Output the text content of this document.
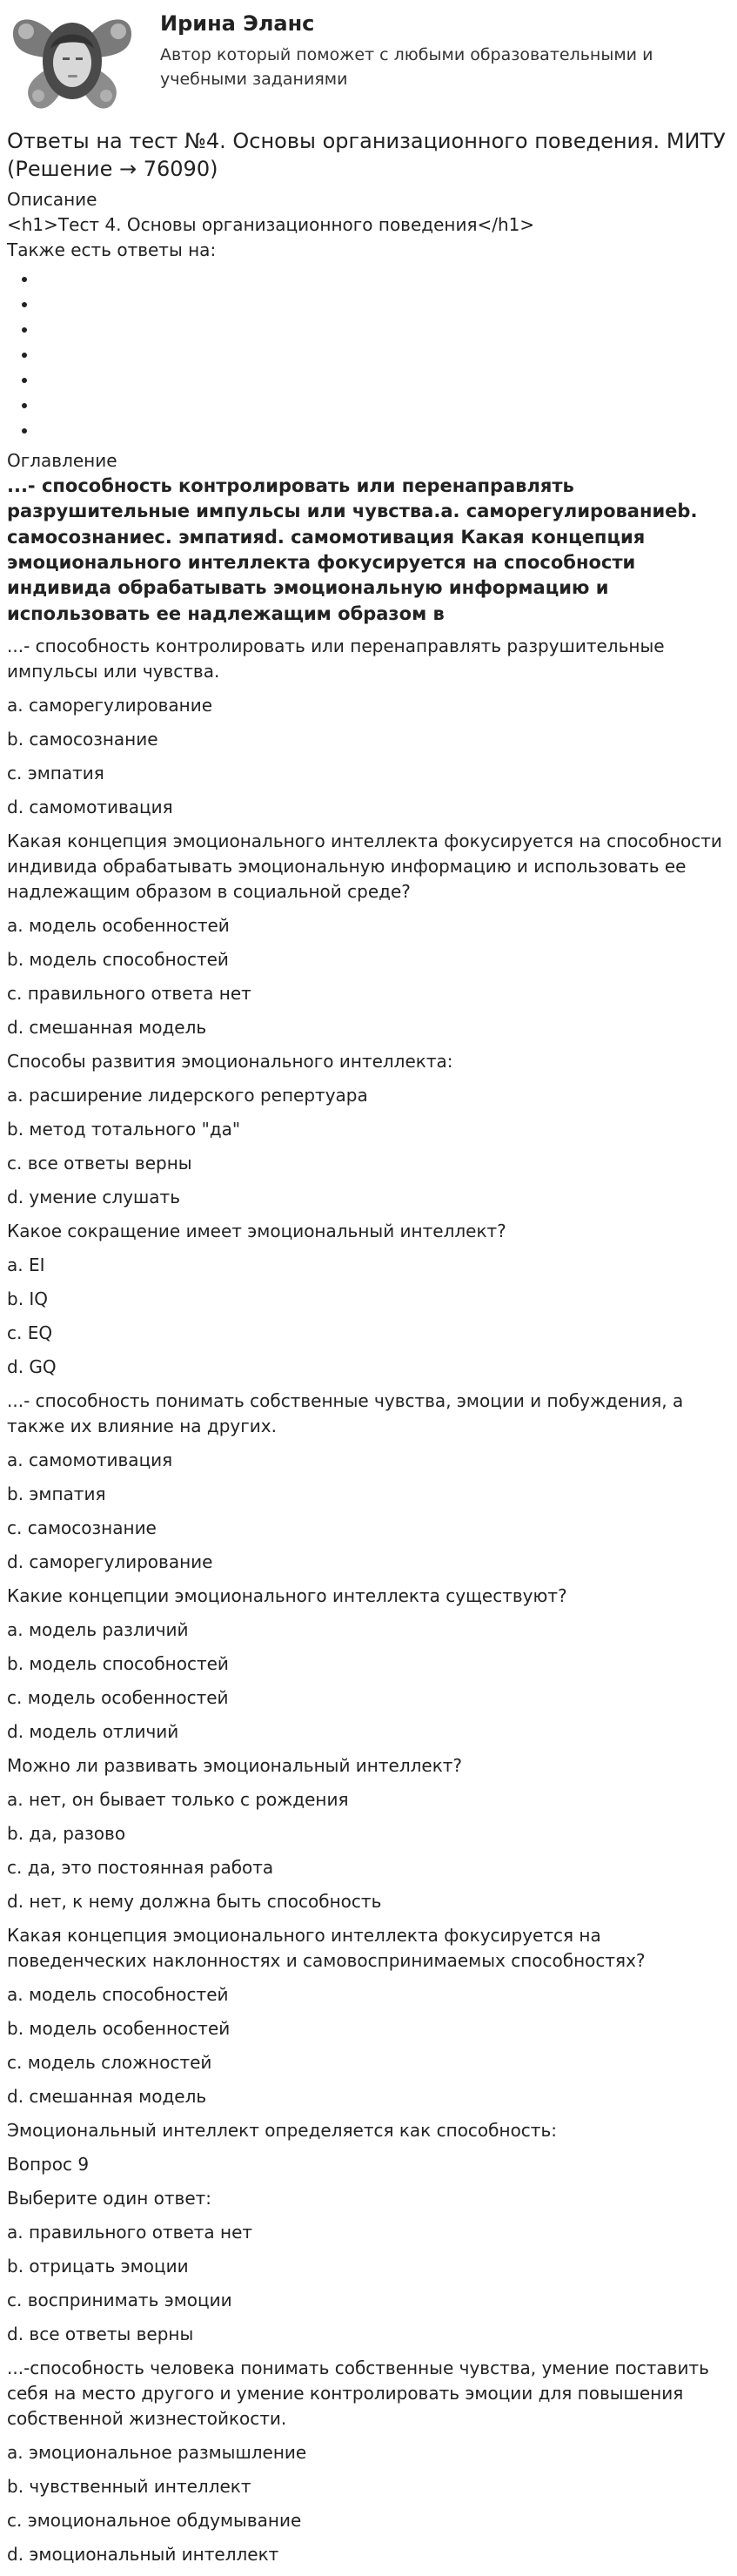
Ирина Эланс
Автор который поможет с любыми образовательными и учебными заданиями
Ответы на тест №4. Основы организационного поведения. МИТУ (Решение → 76090)

Описание

<h1>Тест 4. Основы организационного поведения</h1>

Также есть ответы на:

•
•
•
•
•
•
•

Оглавление

...- способность контролировать или перенаправлять разрушительные импульсы или чувства.a. саморегулированиеb. самосознаниес. эмпатияd. самомотивация Какая концепция эмоционального интеллекта фокусируется на способности индивида обрабатывать эмоциональную информацию и использовать ее надлежащим образом в

...- способность контролировать или перенаправлять разрушительные импульсы или чувства.

a. саморегулирование

b. самосознание

с. эмпатия

d. самомотивация

Какая концепция эмоционального интеллекта фокусируется на способности индивида обрабатывать эмоциональную информацию и использовать ее надлежащим образом в социальной среде?

a. модель особенностей

b. модель способностей

c. правильного ответа нет

d. смешанная модель

Способы развития эмоционального интеллекта:

a. расширение лидерского репертуара

b. метод тотального "да"

c. все ответы верны

d. умение слушать

Какое сокращение имеет эмоциональный интеллект?

a. EI

b. IQ

c. EQ

d. GQ

...- способность понимать собственные чувства, эмоции и побуждения, а также их влияние на других.

a. самомотивация

b. эмпатия

c. самосознание

d. саморегулирование

Какие концепции эмоционального интеллекта существуют?

a. модель различий

b. модель способностей

c. модель особенностей

d. модель отличий

Можно ли развивать эмоциональный интеллект?

a. нет, он бывает только с рождения

b. да, разово

c. да, это постоянная работа

d. нет, к нему должна быть способность

Какая концепция эмоционального интеллекта фокусируется на поведенческих наклонностях и самовоспринимаемых способностях?

a. модель способностей

b. модель особенностей

c. модель сложностей

d. смешанная модель

Эмоциональный интеллект определяется как способность:

Вопрос 9

Выберите один ответ:

a. правильного ответа нет

b. отрицать эмоции

c. воспринимать эмоции

d. все ответы верны

...-способность человека понимать собственные чувства, умение поставить себя на место другого и умение контролировать эмоции для повышения собственной жизнестойкости.

a. эмоциональное размышление

b. чувственный интеллект

c. эмоциональное обдумывание

d. эмоциональный интеллект
